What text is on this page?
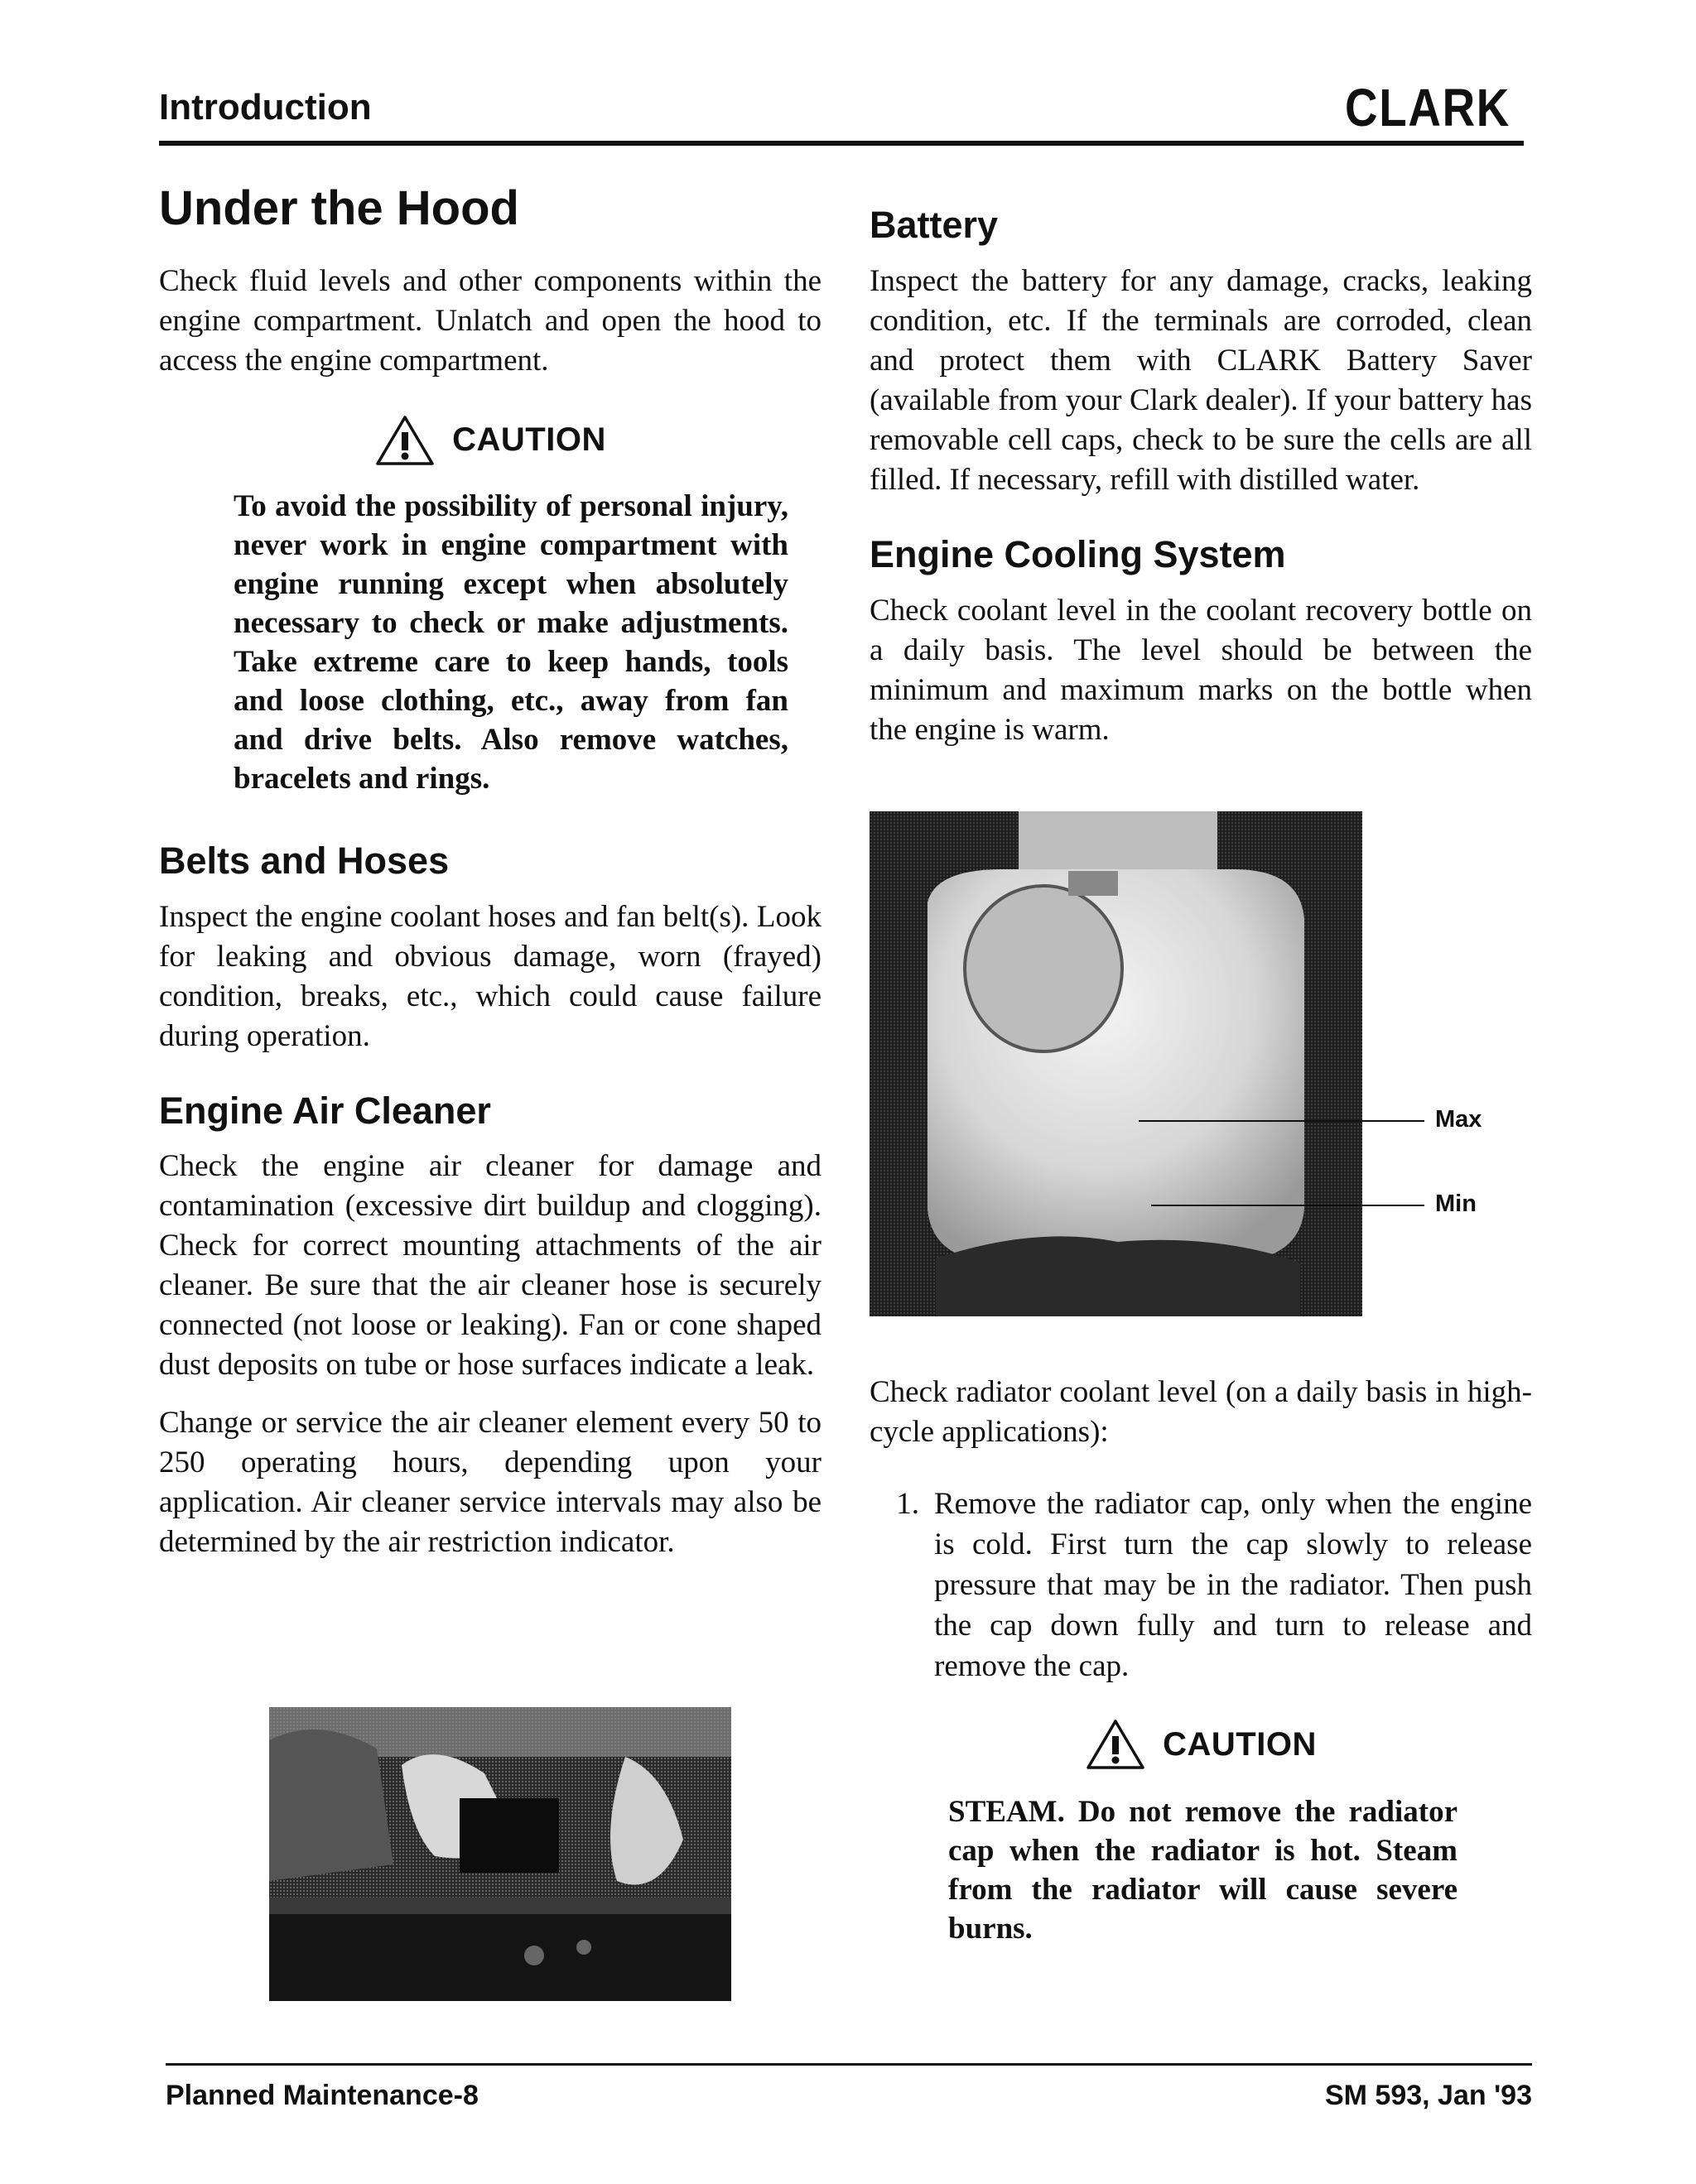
Introduction	CLARK
Under the Hood

Check fluid levels and other components within the engine compartment. Unlatch and open the hood to access the engine compartment.

CAUTION

To avoid the possibility of personal injury, never work in engine compartment with engine running except when absolutely necessary to check or make adjustments. Take extreme care to keep hands, tools and loose clothing, etc., away from fan and drive belts. Also remove watches, bracelets and rings.

Belts and Hoses

Inspect the engine coolant hoses and fan belt(s). Look for leaking and obvious damage, worn (frayed) condition, breaks, etc., which could cause failure during operation.

Engine Air Cleaner

Check the engine air cleaner for damage and contamination (excessive dirt buildup and clogging). Check for correct mounting attachments of the air cleaner. Be sure that the air cleaner hose is securely connected (not loose or leaking). Fan or cone shaped dust deposits on tube or hose surfaces indicate a leak.

Change or service the air cleaner element every 50 to 250 operating hours, depending upon your application. Air cleaner service intervals may also be determined by the air restriction indicator.

Battery

Inspect the battery for any damage, cracks, leaking condition, etc. If the terminals are corroded, clean and protect them with CLARK Battery Saver (available from your Clark dealer). If your battery has removable cell caps, check to be sure the cells are all filled. If necessary, refill with distilled water.

Engine Cooling System

Check coolant level in the coolant recovery bottle on a daily basis. The level should be between the minimum and maximum marks on the bottle when the engine is warm.

Max
Min

Check radiator coolant level (on a daily basis in high-cycle applications):

1. Remove the radiator cap, only when the engine is cold. First turn the cap slowly to release pressure that may be in the radiator. Then push the cap down fully and turn to release and remove the cap.
CAUTION

STEAM. Do not remove the radiator cap when the radiator is hot. Steam from the radiator will cause severe burns.

Planned Maintenance-8	SM 593, Jan '93
